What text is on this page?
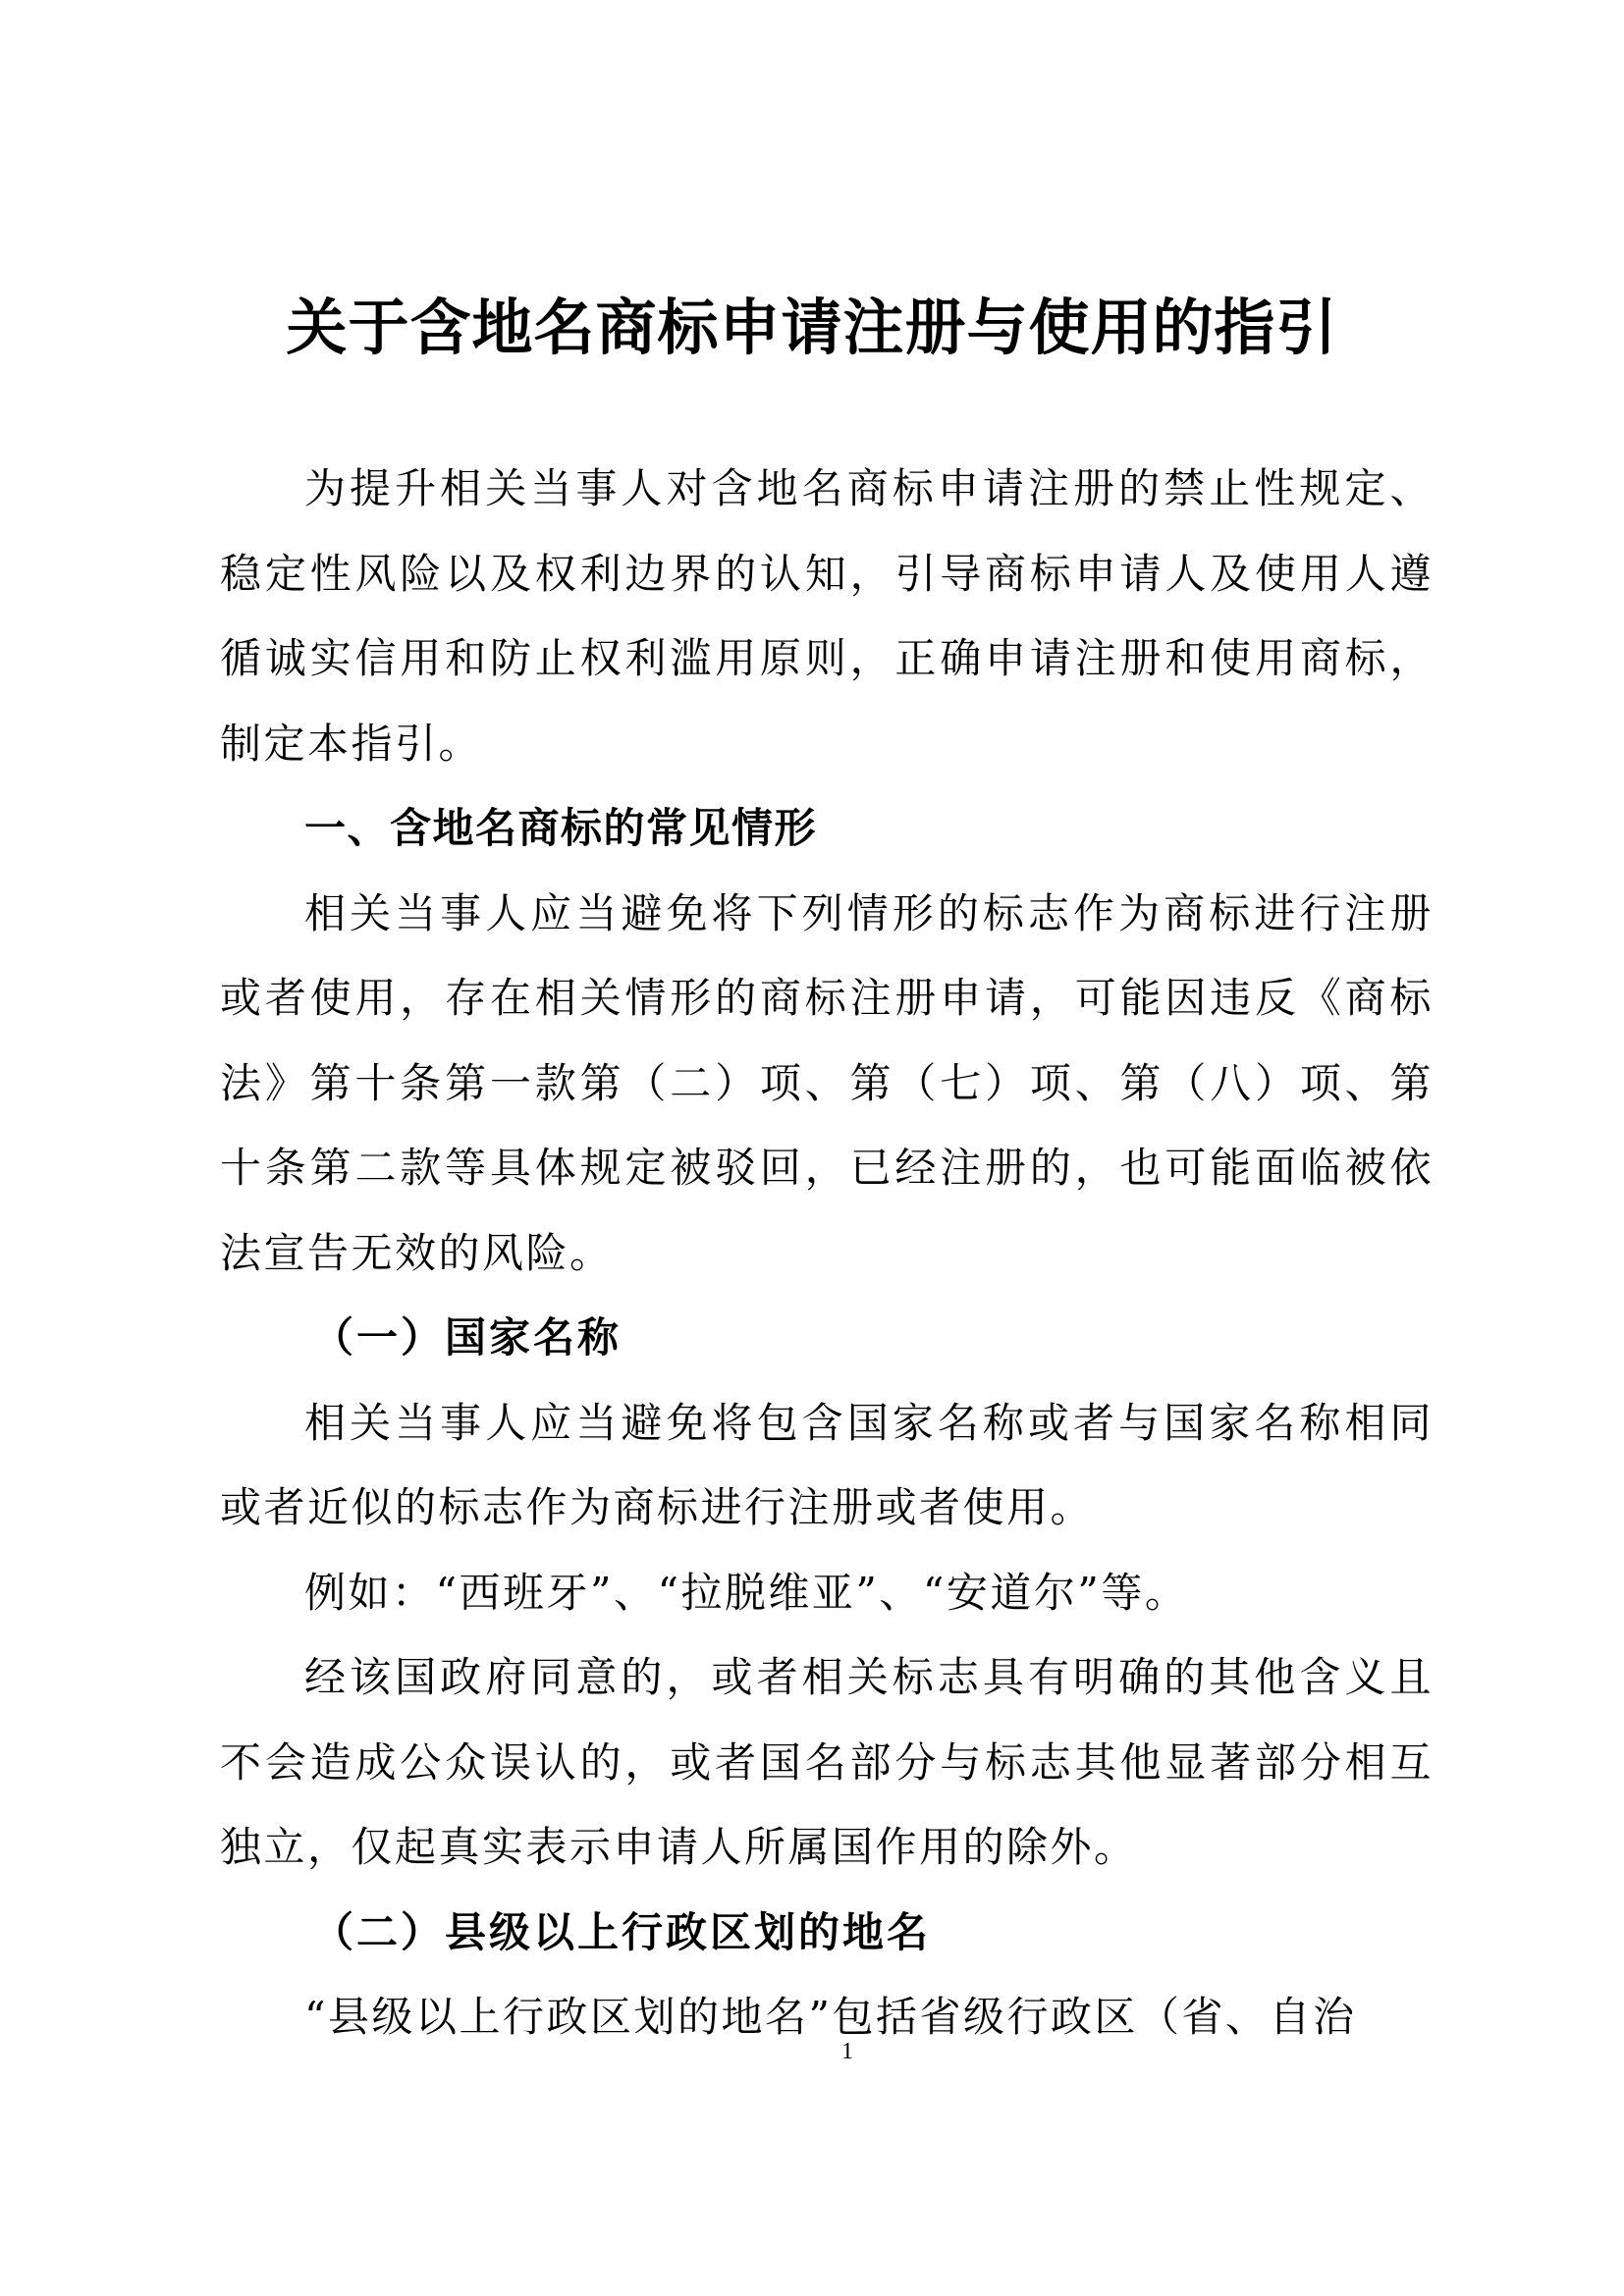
关于含地名商标申请注册与使用的指引

为提升相关当事人对含地名商标申请注册的禁止性规定、稳定性风险以及权利边界的认知，引导商标申请人及使用人遵循诚实信用和防止权利滥用原则，正确申请注册和使用商标，制定本指引。

一、含地名商标的常见情形

相关当事人应当避免将下列情形的标志作为商标进行注册或者使用，存在相关情形的商标注册申请，可能因违反《商标法》第十条第一款第（二）项、第（七）项、第（八）项、第十条第二款等具体规定被驳回，已经注册的，也可能面临被依法宣告无效的风险。

（一）国家名称

相关当事人应当避免将包含国家名称或者与国家名称相同或者近似的标志作为商标进行注册或者使用。

例如：“西班牙”、“拉脱维亚”、“安道尔”等。

经该国政府同意的，或者相关标志具有明确的其他含义且不会造成公众误认的，或者国名部分与标志其他显著部分相互独立，仅起真实表示申请人所属国作用的除外。

（二）县级以上行政区划的地名

“县级以上行政区划的地名”包括省级行政区（省、自治

1
